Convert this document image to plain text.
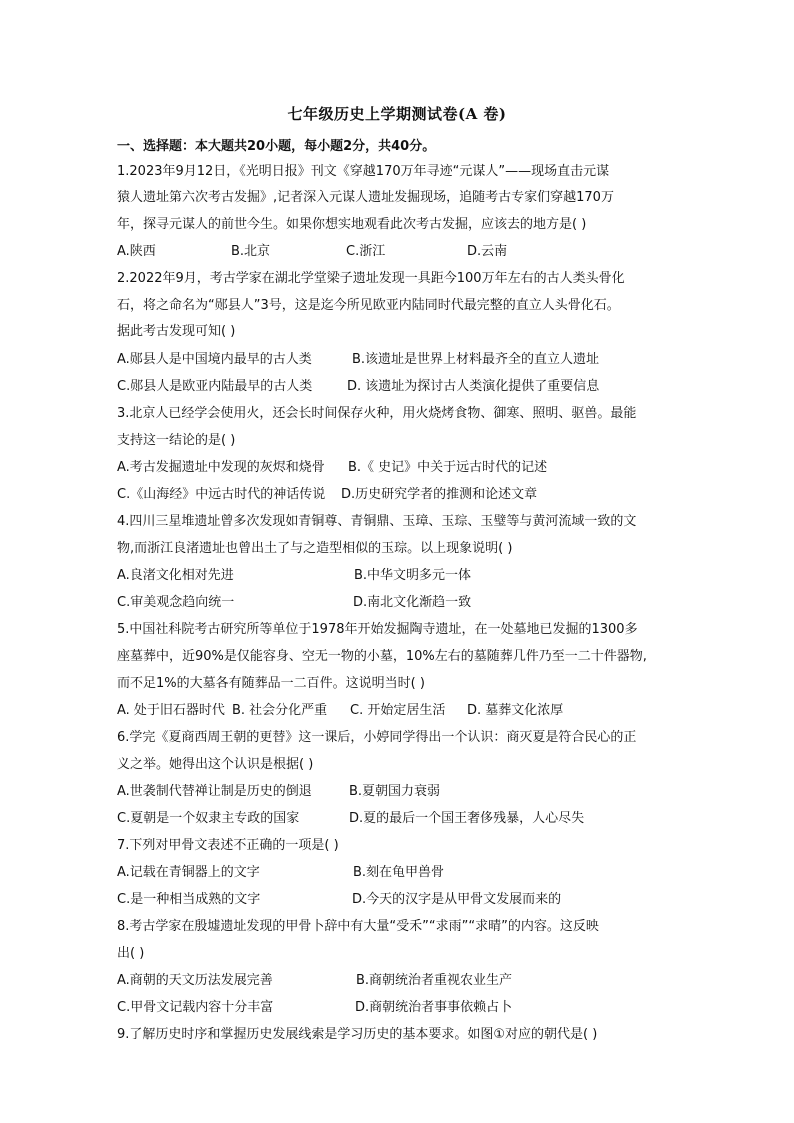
七年级历史上学期测试卷(A 卷)
一、选择题：本大题共20小题，每小题2分，共40分。
1.2023年9月12日，《光明日报》刊文《穿越170万年寻迹“元谋人”——现场直击元谋
猿人遗址第六次考古发掘》,记者深入元谋人遗址发掘现场，追随考古专家们穿越170万
年，探寻元谋人的前世今生。如果你想实地观看此次考古发掘，应该去的地方是( )
A.陕西	B.北京	C.浙江	D.云南
2.2022年9月，考古学家在湖北学堂梁子遗址发现一具距今100万年左右的古人类头骨化
石，将之命名为“郧县人”3号，这是迄今所见欧亚内陆同时代最完整的直立人头骨化石。
据此考古发现可知( )
A.郧县人是中国境内最早的古人类	B.该遗址是世界上材料最齐全的直立人遗址
C.郧县人是欧亚内陆最早的古人类	D. 该遗址为探讨古人类演化提供了重要信息
3.北京人已经学会使用火，还会长时间保存火种，用火烧烤食物、御寒、照明、驱兽。最能
支持这一结论的是( )
A.考古发掘遗址中发现的灰烬和烧骨 B.《 史记》中关于远古时代的记述
C.《山海经》中远古时代的神话传说 D.历史研究学者的推测和论述文章
4.四川三星堆遗址曾多次发现如青铜尊、青铜鼎、玉璋、玉琮、玉璧等与黄河流域一致的文
物,而浙江良渚遗址也曾出土了与之造型相似的玉琮。以上现象说明( )
A.良渚文化相对先进	B.中华文明多元一体
C.审美观念趋向统一	D.南北文化渐趋一致
5.中国社科院考古研究所等单位于1978年开始发掘陶寺遗址，在一处墓地已发掘的1300多
座墓葬中，近90%是仅能容身、空无一物的小墓，10%左右的墓随葬几件乃至一二十件器物,
而不足1%的大墓各有随葬品一二百件。这说明当时( )
A. 处于旧石器时代 B. 社会分化严重 C. 开始定居生活 D. 墓葬文化浓厚
6.学完《夏商西周王朝的更替》这一课后，小婷同学得出一个认识：商灭夏是符合民心的正
义之举。她得出这个认识是根据( )
A.世袭制代替禅让制是历史的倒退	B.夏朝国力衰弱
C.夏朝是一个奴隶主专政的国家	D.夏的最后一个国王奢侈残暴，人心尽失
7.下列对甲骨文表述不正确的一项是( )
A.记载在青铜器上的文字	B.刻在龟甲兽骨
C.是一种相当成熟的文字	D.今天的汉字是从甲骨文发展而来的
8.考古学家在殷墟遗址发现的甲骨卜辞中有大量“受禾”“求雨”“求晴”的内容。这反映
出( )
A.商朝的天文历法发展完善	B.商朝统治者重视农业生产
C.甲骨文记载内容十分丰富	D.商朝统治者事事依赖占卜
9.了解历史时序和掌握历史发展线索是学习历史的基本要求。如图①对应的朝代是( )
